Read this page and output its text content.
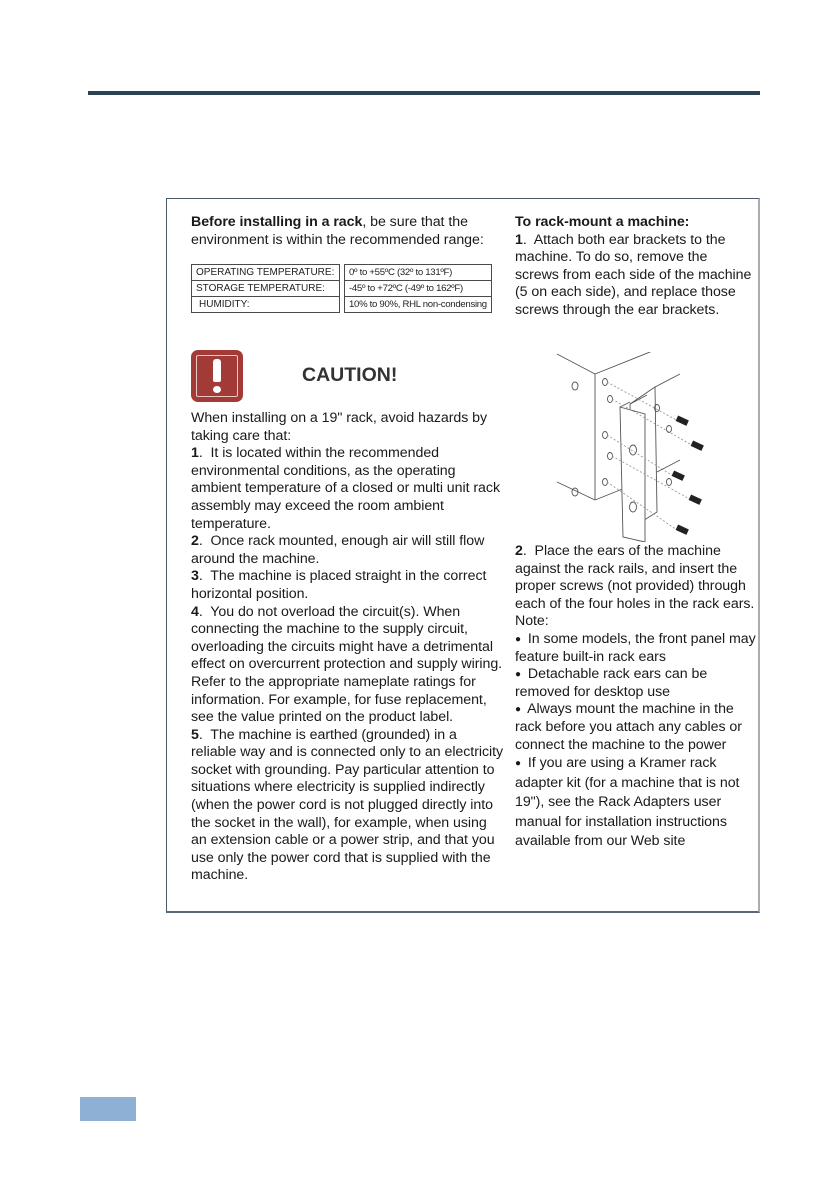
Before installing in a rack, be sure that the environment is within the recommended range:
OPERATING TEMPERATURE:	0º to +55ºC (32º to 131ºF)
STORAGE TEMPERATURE:	-45º to +72ºC (-49º to 162ºF)
HUMIDITY:	10% to 90%, RHL non-condensing
CAUTION!
When installing on a 19" rack, avoid hazards by taking care that:
1.  It is located within the recommended environmental conditions, as the operating ambient temperature of a closed or multi unit rack assembly may exceed the room ambient temperature.
2.  Once rack mounted, enough air will still flow around the machine.
3.  The machine is placed straight in the correct horizontal position.
4.  You do not overload the circuit(s). When connecting the machine to the supply circuit, overloading the circuits might have a detrimental effect on overcurrent protection and supply wiring. Refer to the appropriate nameplate ratings for information. For example, for fuse replacement, see the value printed on the product label.
5.  The machine is earthed (grounded) in a reliable way and is connected only to an electricity socket with grounding. Pay particular attention to situations where electricity is supplied indirectly (when the power cord is not plugged directly into the socket in the wall), for example, when using an extension cable or a power strip, and that you use only the power cord that is supplied with the machine.
To rack-mount a machine:
1.  Attach both ear brackets to the machine. To do so, remove the screws from each side of the machine (5 on each side), and replace those screws through the ear brackets.
2.  Place the ears of the machine against the rack rails, and insert the proper screws (not provided) through each of the four holes in the rack ears.
Note:
● In some models, the front panel may feature built-in rack ears
● Detachable rack ears can be removed for desktop use
● Always mount the machine in the rack before you attach any cables or connect the machine to the power
● If you are using a Kramer rack adapter kit (for a machine that is not 19"), see the Rack Adapters user manual for installation instructions available from our Web site
